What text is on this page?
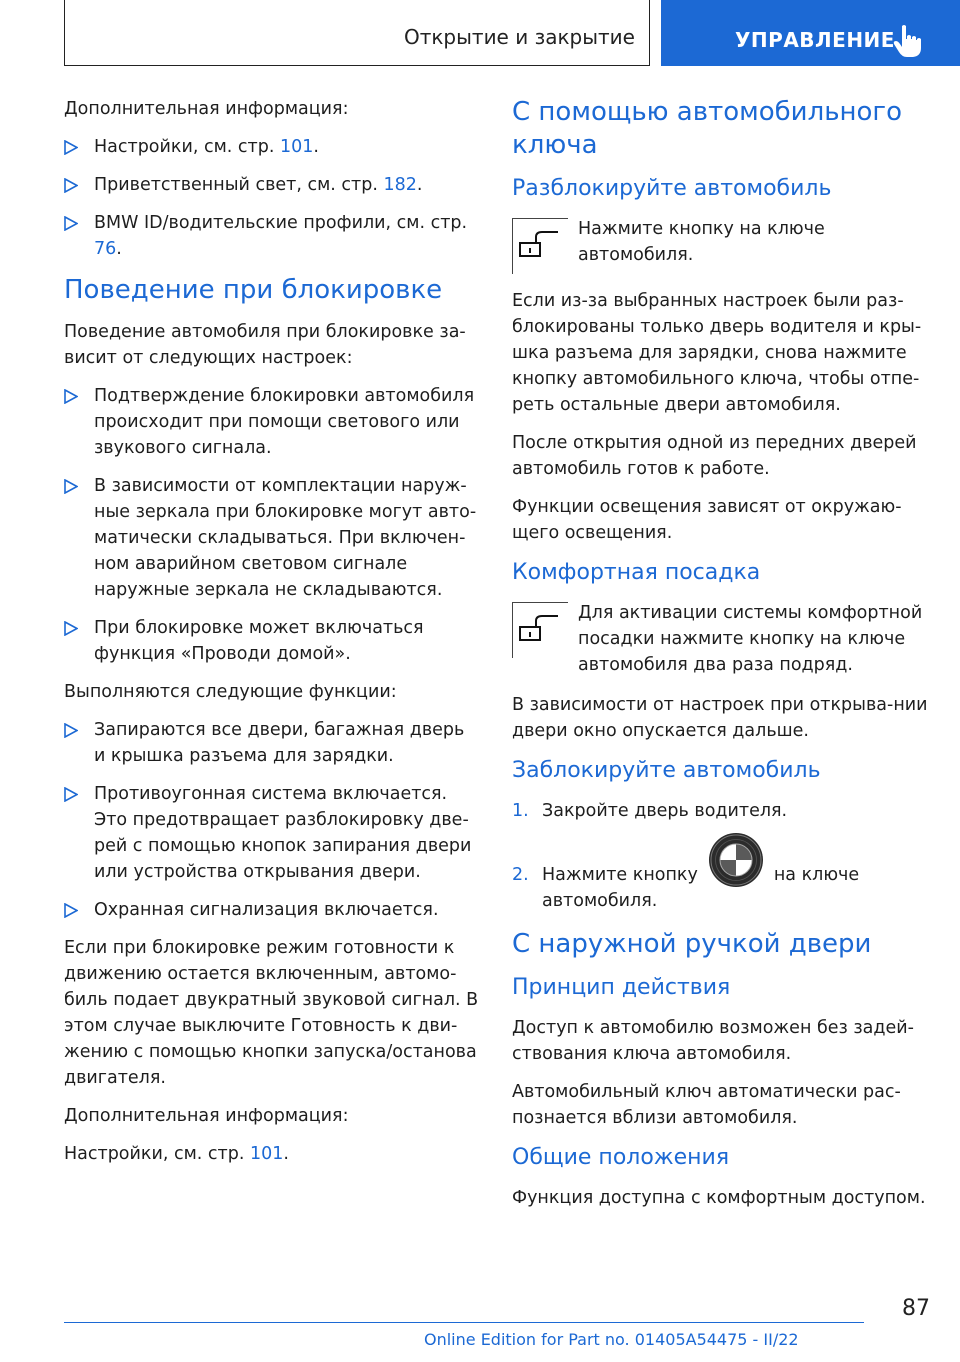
Открытие и закрытие	УПРАВЛЕНИЕ

Дополнительная информация:

Настройки, см. стр. 101.
Приветственный свет, см. стр. 182.
BMW ID/водительские профили, см. стр. 76.
Поведение при блокировке

Поведение автомобиля при блокировке за-висит от следующих настроек:

Подтверждение блокировки автомобиля происходит при помощи светового или звукового сигнала.
В зависимости от комплектации наруж-ные зеркала при блокировке могут авто-матически складываться. При включен-ном аварийном световом сигнале наружные зеркала не складываются.
При блокировке может включаться функция «Проводи домой».

Выполняются следующие функции:

Запираются все двери, багажная дверь и крышка разъема для зарядки.
Противоугонная система включается. Это предотвращает разблокировку две-рей с помощью кнопок запирания двери или устройства открывания двери.
Охранная сигнализация включается.

Если при блокировке режим готовности к движению остается включенным, автомо-биль подает двукратный звуковой сигнал. В этом случае выключите Готовность к дви-жению с помощью кнопки запуска/останова двигателя.

Дополнительная информация:

Настройки, см. стр. 101.

С помощью автомобильного ключа
Разблокируйте автомобиль
Нажмите кнопку на ключе автомобиля.

Если из-за выбранных настроек были раз-блокированы только дверь водителя и кры-шка разъема для зарядки, снова нажмите кнопку автомобильного ключа, чтобы отпе-реть остальные двери автомобиля.

После открытия одной из передних дверей автомобиль готов к работе.

Функции освещения зависят от окружаю-щего освещения.

Комфортная посадка
Для активации системы комфортной посадки нажмите кнопку на ключе автомобиля два раза подряд.

В зависимости от настроек при открыва-нии двери окно опускается дальше.

Заблокируйте автомобиль
1. Закройте дверь водителя.
2. Нажмите кнопку	на ключе автомобиля.
С наружной ручкой двери
Принцип действия

Доступ к автомобилю возможен без задей-ствования ключа автомобиля.

Автомобильный ключ автоматически рас-познается вблизи автомобиля.

Общие положения

Функция доступна с комфортным доступом.

87
Online Edition for Part no. 01405A54475 - II/22
